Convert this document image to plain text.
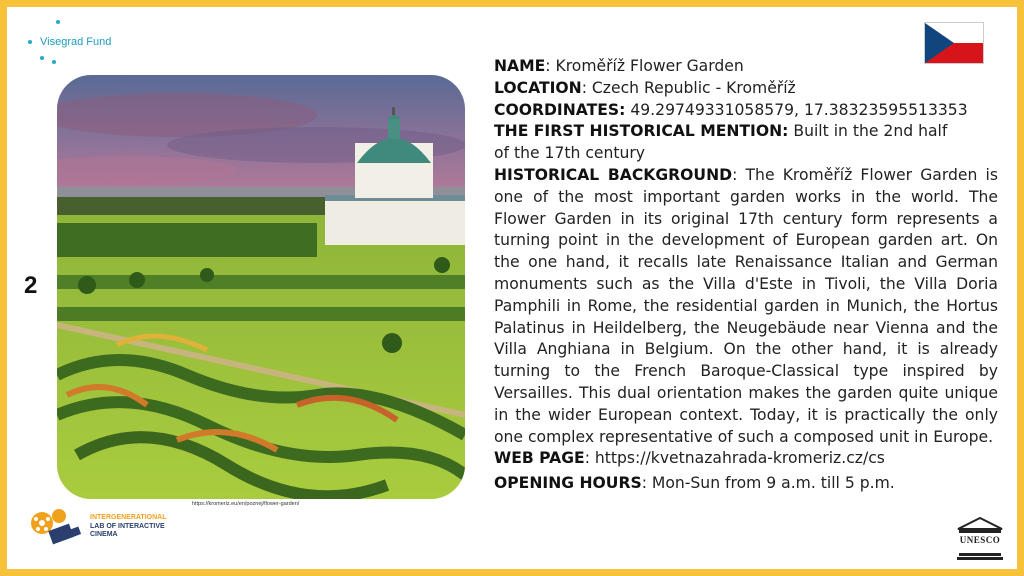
Visegrad Fund
2
https://kromeriz.eu/en/poznej/flower-garden/
INTERGENERATIONAL
LAB OF INTERACTIVE
CINEMA
UNESCO

NAME: Kroměříž Flower Garden

LOCATION: Czech Republic - Kroměříž

COORDINATES: 49.29749331058579, 17.38323595513353

THE FIRST HISTORICAL MENTION: Built in the 2nd half of the 17th century

HISTORICAL BACKGROUND: The Kroměříž Flower Garden is one of the most important garden works in the world. The Flower Garden in its original 17th century form represents a turning point in the development of European garden art. On the one hand, it recalls late Renaissance Italian and German monuments such as the Villa d'Este in Tivoli, the Villa Doria Pamphili in Rome, the residential garden in Munich, the Hortus Palatinus in Heildelberg, the Neugebäude near Vienna and the Villa Anghiana in Belgium. On the other hand, it is already turning to the French Baroque-Classical type inspired by Versailles. This dual orientation makes the garden quite unique in the wider European context. Today, it is practically the only one complex representative of such a composed unit in Europe.

WEB PAGE: https://kvetnazahrada-kromeriz.cz/cs

OPENING HOURS: Mon-Sun from 9 a.m. till 5 p.m.
